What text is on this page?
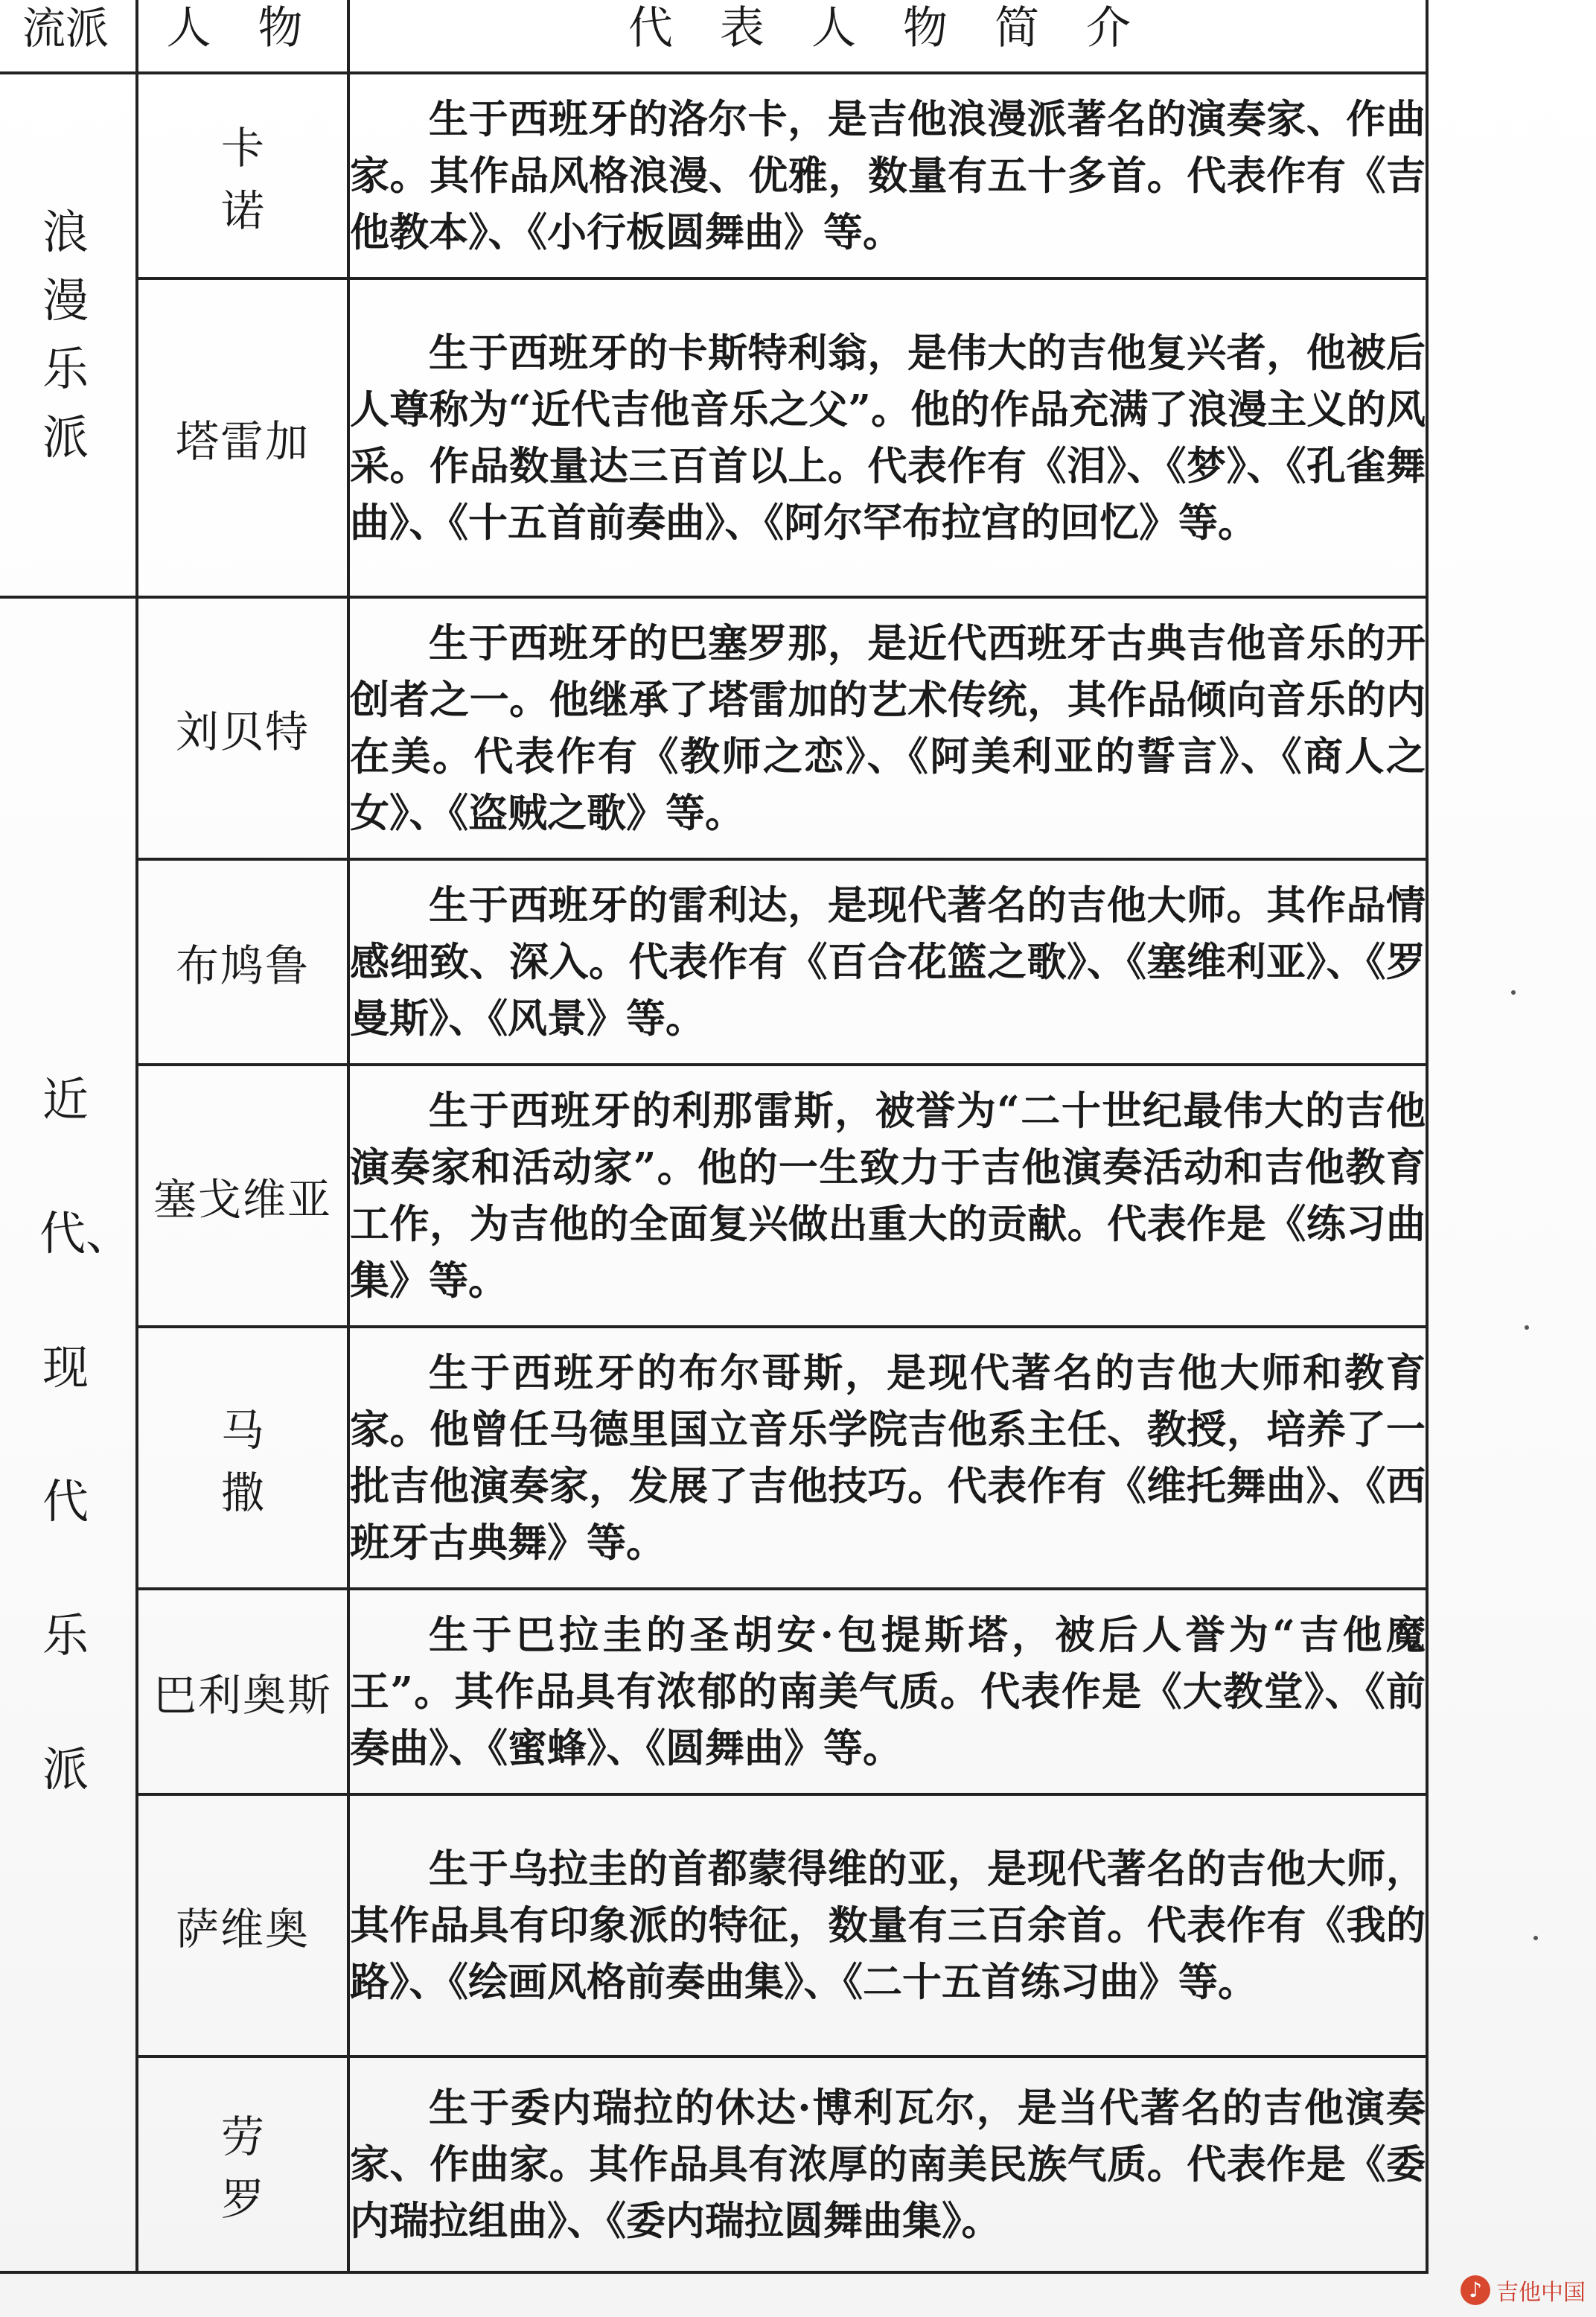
流派	人 物	代 表 人 物 简 介
浪漫乐派	卡 诺	生于西班牙的洛尔卡，是吉他浪漫派著名的演奏家、作曲家。其作品风格浪漫、优雅，数量有五十多首。代表作有《吉他教本》、《小行板圆舞曲》等。

	塔雷加	生于西班牙的卡斯特利翁，是伟大的吉他复兴者，他被后人尊称为“近代吉他音乐之父”。他的作品充满了浪漫主义的风采。作品数量达三百首以上。代表作有《泪》、《梦》、《孔雀舞曲》、《十五首前奏曲》、《阿尔罕布拉宫的回忆》等。

近代、现代乐派	刘贝特	生于西班牙的巴塞罗那，是近代西班牙古典吉他音乐的开创者之一。他继承了塔雷加的艺术传统，其作品倾向音乐的内在美。代表作有《教师之恋》、《阿美利亚的誓言》、《商人之女》、《盗贼之歌》等。

	布鸠鲁	生于西班牙的雷利达，是现代著名的吉他大师。其作品情感细致、深入。代表作有《百合花篮之歌》、《塞维利亚》、《罗曼斯》、《风景》等。

	塞戈维亚	生于西班牙的利那雷斯，被誉为“二十世纪最伟大的吉他演奏家和活动家”。他的一生致力于吉他演奏活动和吉他教育工作，为吉他的全面复兴做出重大的贡献。代表作是《练习曲集》等。

	马 撒	生于西班牙的布尔哥斯，是现代著名的吉他大师和教育家。他曾任马德里国立音乐学院吉他系主任、教授，培养了一批吉他演奏家，发展了吉他技巧。代表作有《维托舞曲》、《西班牙古典舞》等。

	巴利奥斯	生于巴拉圭的圣胡安·包提斯塔，被后人誉为“吉他魔王”。其作品具有浓郁的南美气质。代表作是《大教堂》、《前奏曲》、《蜜蜂》、《圆舞曲》等。

	萨维奥	生于乌拉圭的首都蒙得维的亚，是现代著名的吉他大师，其作品具有印象派的特征，数量有三百余首。代表作有《我的路》、《绘画风格前奏曲集》、《二十五首练习曲》等。

	劳 罗	生于委内瑞拉的休达·博利瓦尔，是当代著名的吉他演奏家、作曲家。其作品具有浓厚的南美民族气质。代表作是《委内瑞拉组曲》、《委内瑞拉圆舞曲集》。

♪ 吉他中国
